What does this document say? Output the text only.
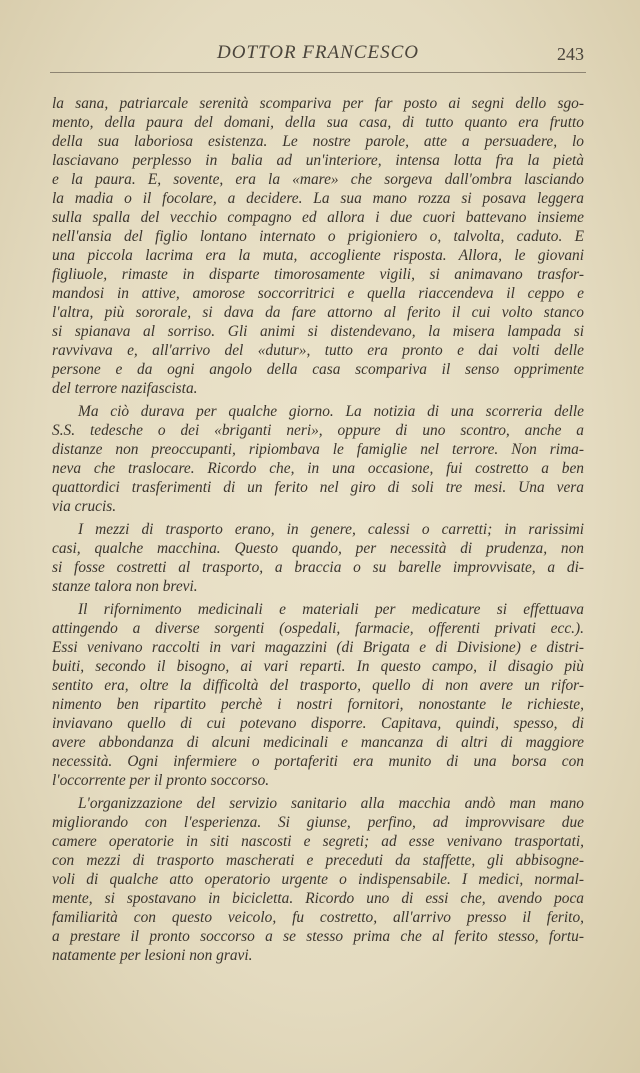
DOTTOR FRANCESCO	243
la sana, patriarcale serenità scompariva per far posto ai segni dello sgo-
mento, della paura del domani, della sua casa, di tutto quanto era frutto
della sua laboriosa esistenza. Le nostre parole, atte a persuadere, lo
lasciavano perplesso in balia ad un'interiore, intensa lotta fra la pietà
e la paura. E, sovente, era la «mare» che sorgeva dall'ombra lasciando
la madia o il focolare, a decidere. La sua mano rozza si posava leggera
sulla spalla del vecchio compagno ed allora i due cuori battevano insieme
nell'ansia del figlio lontano internato o prigioniero o, talvolta, caduto. E
una piccola lacrima era la muta, accogliente risposta. Allora, le giovani
figliuole, rimaste in disparte timorosamente vigili, si animavano trasfor-
mandosi in attive, amorose soccorritrici e quella riaccendeva il ceppo e
l'altra, più sororale, si dava da fare attorno al ferito il cui volto stanco
si spianava al sorriso. Gli animi si distendevano, la misera lampada si
ravvivava e, all'arrivo del «dutur», tutto era pronto e dai volti delle
persone e da ogni angolo della casa scompariva il senso opprimente
del terrore nazifascista.
Ma ciò durava per qualche giorno. La notizia di una scorreria delle
S.S. tedesche o dei «briganti neri», oppure di uno scontro, anche a
distanze non preoccupanti, ripiombava le famiglie nel terrore. Non rima-
neva che traslocare. Ricordo che, in una occasione, fui costretto a ben
quattordici trasferimenti di un ferito nel giro di soli tre mesi. Una vera
via crucis.
I mezzi di trasporto erano, in genere, calessi o carretti; in rarissimi
casi, qualche macchina. Questo quando, per necessità di prudenza, non
si fosse costretti al trasporto, a braccia o su barelle improvvisate, a di-
stanze talora non brevi.
Il rifornimento medicinali e materiali per medicature si effettuava
attingendo a diverse sorgenti (ospedali, farmacie, offerenti privati ecc.).
Essi venivano raccolti in vari magazzini (di Brigata e di Divisione) e distri-
buiti, secondo il bisogno, ai vari reparti. In questo campo, il disagio più
sentito era, oltre la difficoltà del trasporto, quello di non avere un rifor-
nimento ben ripartito perchè i nostri fornitori, nonostante le richieste,
inviavano quello di cui potevano disporre. Capitava, quindi, spesso, di
avere abbondanza di alcuni medicinali e mancanza di altri di maggiore
necessità. Ogni infermiere o portaferiti era munito di una borsa con
l'occorrente per il pronto soccorso.
L'organizzazione del servizio sanitario alla macchia andò man mano
migliorando con l'esperienza. Si giunse, perfino, ad improvvisare due
camere operatorie in siti nascosti e segreti; ad esse venivano trasportati,
con mezzi di trasporto mascherati e preceduti da staffette, gli abbisogne-
voli di qualche atto operatorio urgente o indispensabile. I medici, normal-
mente, si spostavano in bicicletta. Ricordo uno di essi che, avendo poca
familiarità con questo veicolo, fu costretto, all'arrivo presso il ferito,
a prestare il pronto soccorso a se stesso prima che al ferito stesso, fortu-
natamente per lesioni non gravi.
